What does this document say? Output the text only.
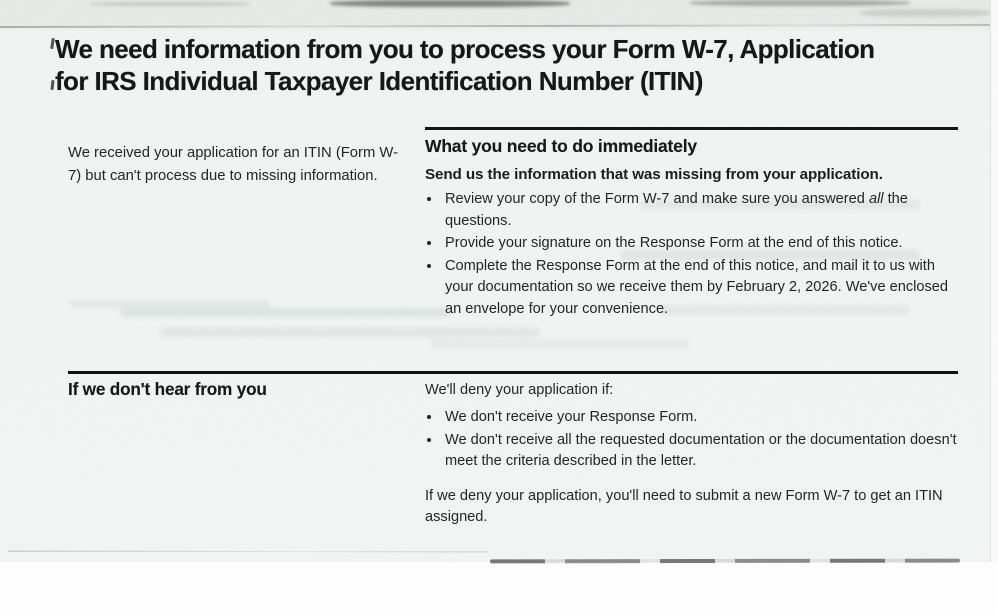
We need information from you to process your Form W-7, Application
for IRS Individual Taxpayer Identification Number (ITIN)

We received your application for an ITIN (Form W-7) but can't process due to missing information.

What you need to do immediately

Send us the information that was missing from your application.

• Review your copy of the Form W-7 and make sure you answered all the questions.
• Provide your signature on the Response Form at the end of this notice.
• Complete the Response Form at the end of this notice, and mail it to us with your documentation so we receive them by February 2, 2026. We've enclosed an envelope for your convenience.
If we don't hear from you	We'll deny your application if:

• We don't receive your Response Form.
• We don't receive all the requested documentation or the documentation doesn't meet the criteria described in the letter.

If we deny your application, you'll need to submit a new Form W-7 to get an ITIN assigned.
